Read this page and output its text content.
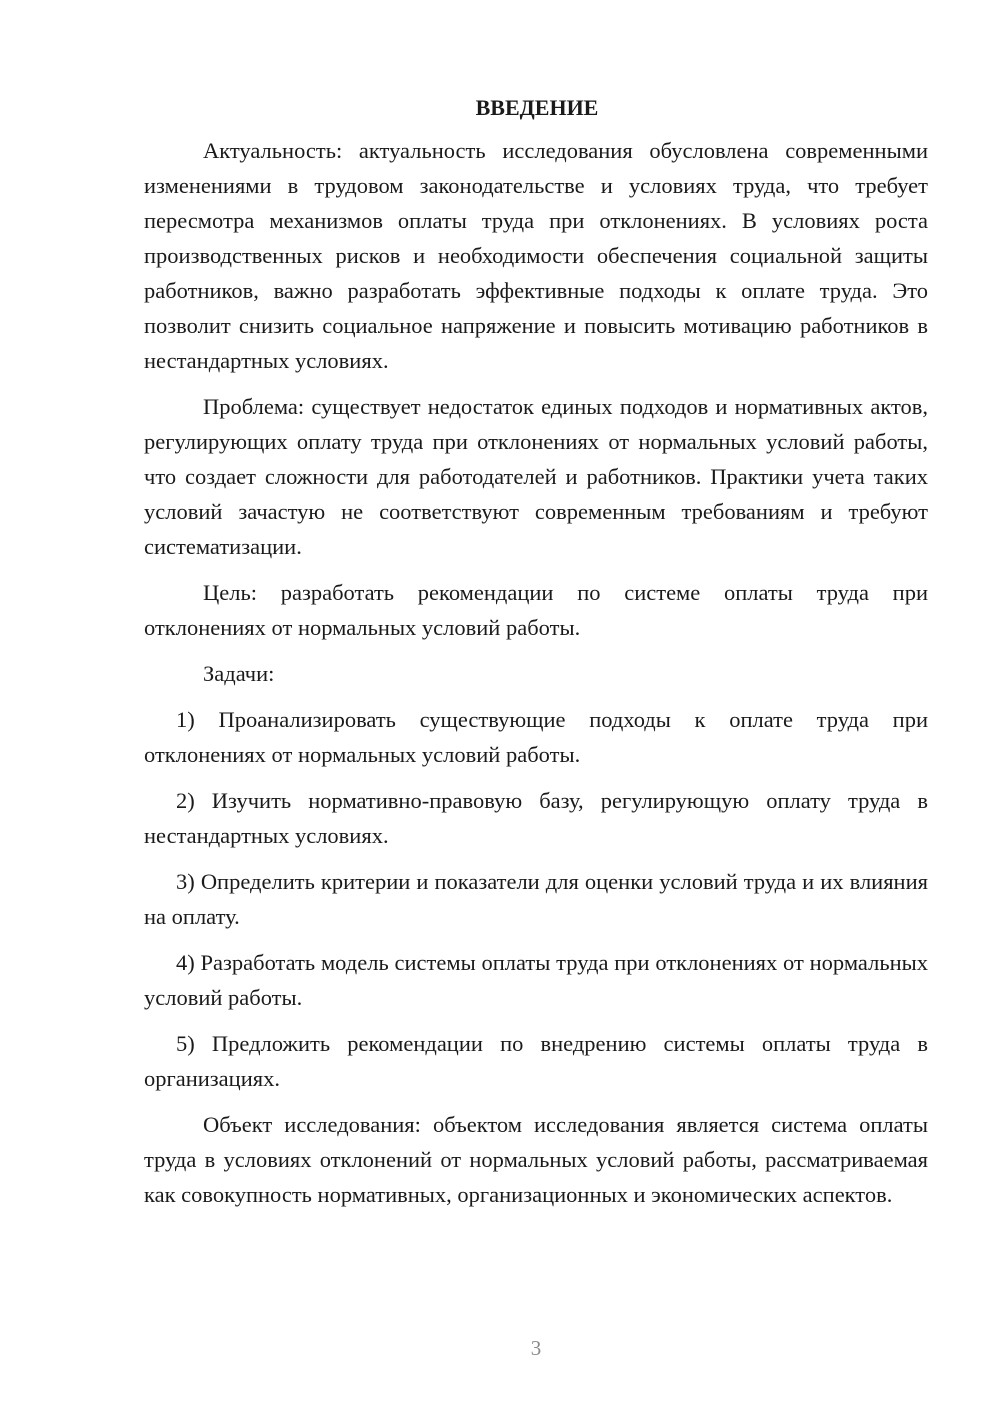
ВВЕДЕНИЕ

Актуальность: актуальность исследования обусловлена современными изменениями в трудовом законодательстве и условиях труда, что требует пересмотра механизмов оплаты труда при отклонениях. В условиях роста производственных рисков и необходимости обеспечения социальной защиты работников, важно разработать эффективные подходы к оплате труда. Это позволит снизить социальное напряжение и повысить мотивацию работников в нестандартных условиях.

Проблема: существует недостаток единых подходов и нормативных актов, регулирующих оплату труда при отклонениях от нормальных условий работы, что создает сложности для работодателей и работников. Практики учета таких условий зачастую не соответствуют современным требованиям и требуют систематизации.

Цель: разработать рекомендации по системе оплаты труда при отклонениях от нормальных условий работы.

Задачи:

1) Проанализировать существующие подходы к оплате труда при отклонениях от нормальных условий работы.

2) Изучить нормативно-правовую базу, регулирующую оплату труда в нестандартных условиях.

3) Определить критерии и показатели для оценки условий труда и их влияния на оплату.

4) Разработать модель системы оплаты труда при отклонениях от нормальных условий работы.

5) Предложить рекомендации по внедрению системы оплаты труда в организациях.

Объект исследования: объектом исследования является система оплаты труда в условиях отклонений от нормальных условий работы, рассматриваемая как совокупность нормативных, организационных и экономических аспектов.

3
